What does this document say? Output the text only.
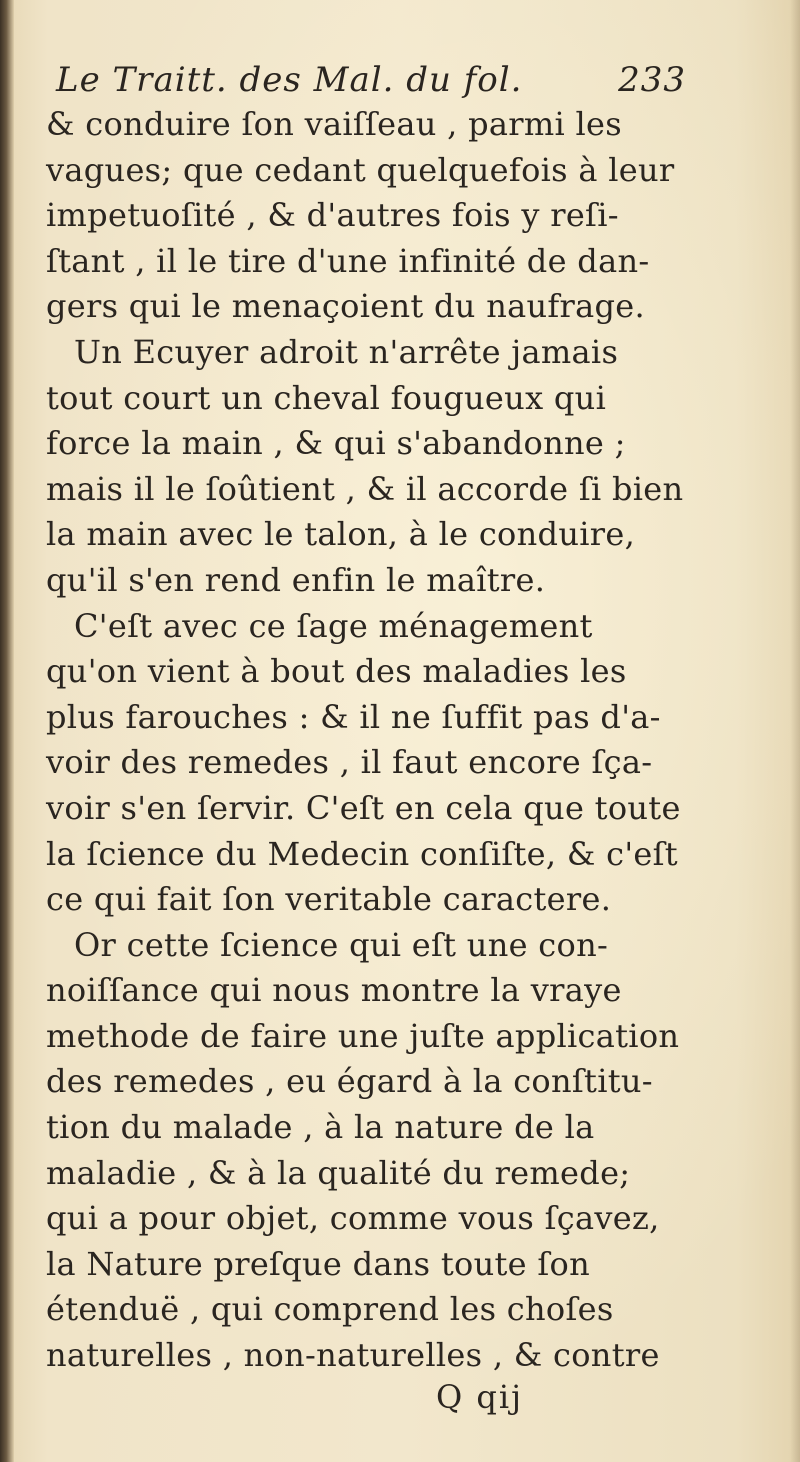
Le Traitt. des Mal. du fol.	233
& conduire ſon vaiſſeau , parmi les
vagues; que cedant quelquefois à leur
impetuoſité , & d'autres fois y reſi-
ſtant , il le tire d'une infinité de dan-
gers qui le menaçoient du naufrage.
Un Ecuyer adroit n'arrête jamais
tout court un cheval fougueux qui
force la main , & qui s'abandonne ;
mais il le ſoûtient , & il accorde ſi bien
la main avec le talon, à le conduire,
qu'il s'en rend enfin le maître.
C'eſt avec ce ſage ménagement
qu'on vient à bout des maladies les
plus farouches : & il ne ſuffit pas d'a-
voir des remedes , il faut encore ſça-
voir s'en ſervir. C'eſt en cela que toute
la ſcience du Medecin conſiſte, & c'eſt
ce qui fait ſon veritable caractere.
Or cette ſcience qui eſt une con-
noiſſance qui nous montre la vraye
methode de faire une juſte application
des remedes , eu égard à la conſtitu-
tion du malade , à la nature de la
maladie , & à la qualité du remede;
qui a pour objet, comme vous ſçavez,
la Nature preſque dans toute ſon
étenduë , qui comprend les choſes
naturelles , non-naturelles , & contre
Q qij
